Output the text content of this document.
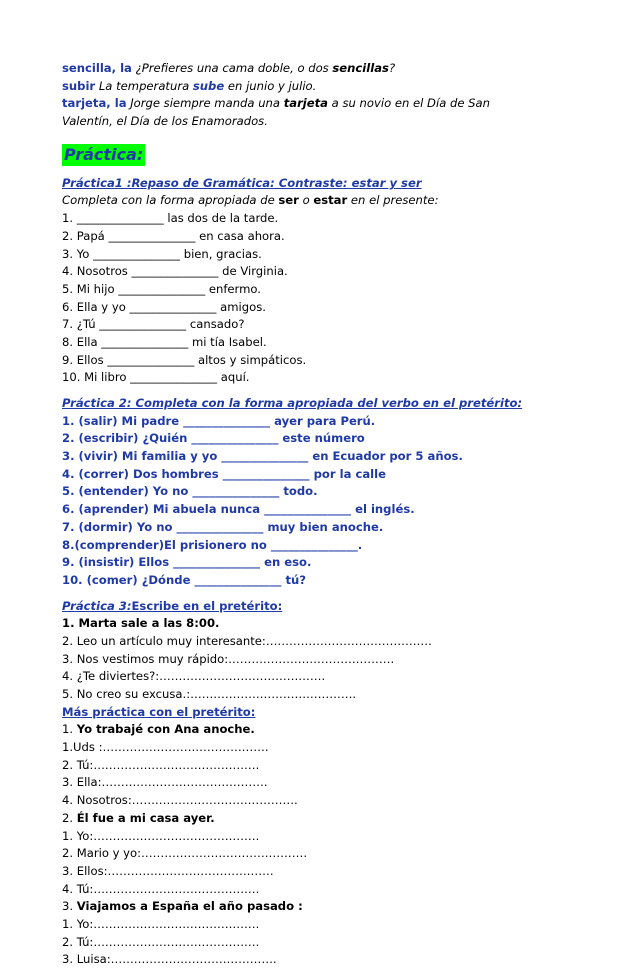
sencilla, la ¿Prefieres una cama doble, o dos sencillas?
subir La temperatura sube en junio y julio.
tarjeta, la Jorge siempre manda una tarjeta a su novio en el Día de San
Valentín, el Día de los Enamorados.
Práctica:
Práctica1 :Repaso de Gramática: Contraste: estar y ser
Completa con la forma apropiada de ser o estar en el presente:
1. _______________ las dos de la tarde.
2. Papá _______________ en casa ahora.
3. Yo _______________ bien, gracias.
4. Nosotros _______________ de Virginia.
5. Mi hijo _______________ enfermo.
6. Ella y yo _______________ amigos.
7. ¿Tú _______________ cansado?
8. Ella _______________ mi tía Isabel.
9. Ellos _______________ altos y simpáticos.
10. Mi libro _______________ aquí.
Práctica 2: Completa con la forma apropiada del verbo en el pretérito:
1. (salir) Mi padre _______________ ayer para Perú.
2. (escribir) ¿Quién _______________ este número
3. (vivir) Mi familia y yo _______________ en Ecuador por 5 años.
4. (correr) Dos hombres _______________ por la calle
5. (entender) Yo no _______________ todo.
6. (aprender) Mi abuela nunca _______________ el inglés.
7. (dormir) Yo no _______________ muy bien anoche.
8.(comprender)El prisionero no _______________.
9. (insistir) Ellos _______________ en eso.
10. (comer) ¿Dónde _______________ tú?
Práctica 3:Escribe en el pretérito:
1. Marta sale a las 8:00.
2. Leo un artículo muy interesante:…………………………………….
3. Nos vestimos muy rápido:…………………………………….
4. ¿Te diviertes?:…………………………………….
5. No creo su excusa.:…………………………………….
Más práctica con el pretérito:
1. Yo trabajé con Ana anoche.
1.Uds :…………………………………….
2. Tú:…………………………………….
3. Ella:…………………………………….
4. Nosotros:…………………………………….
2. Él fue a mi casa ayer.
1. Yo:…………………………………….
2. Mario y yo:…………………………………….
3. Ellos:…………………………………….
4. Tú:…………………………………….
3. Viajamos a España el año pasado :
1. Yo:…………………………………….
2. Tú:…………………………………….
3. Luisa:…………………………………….
